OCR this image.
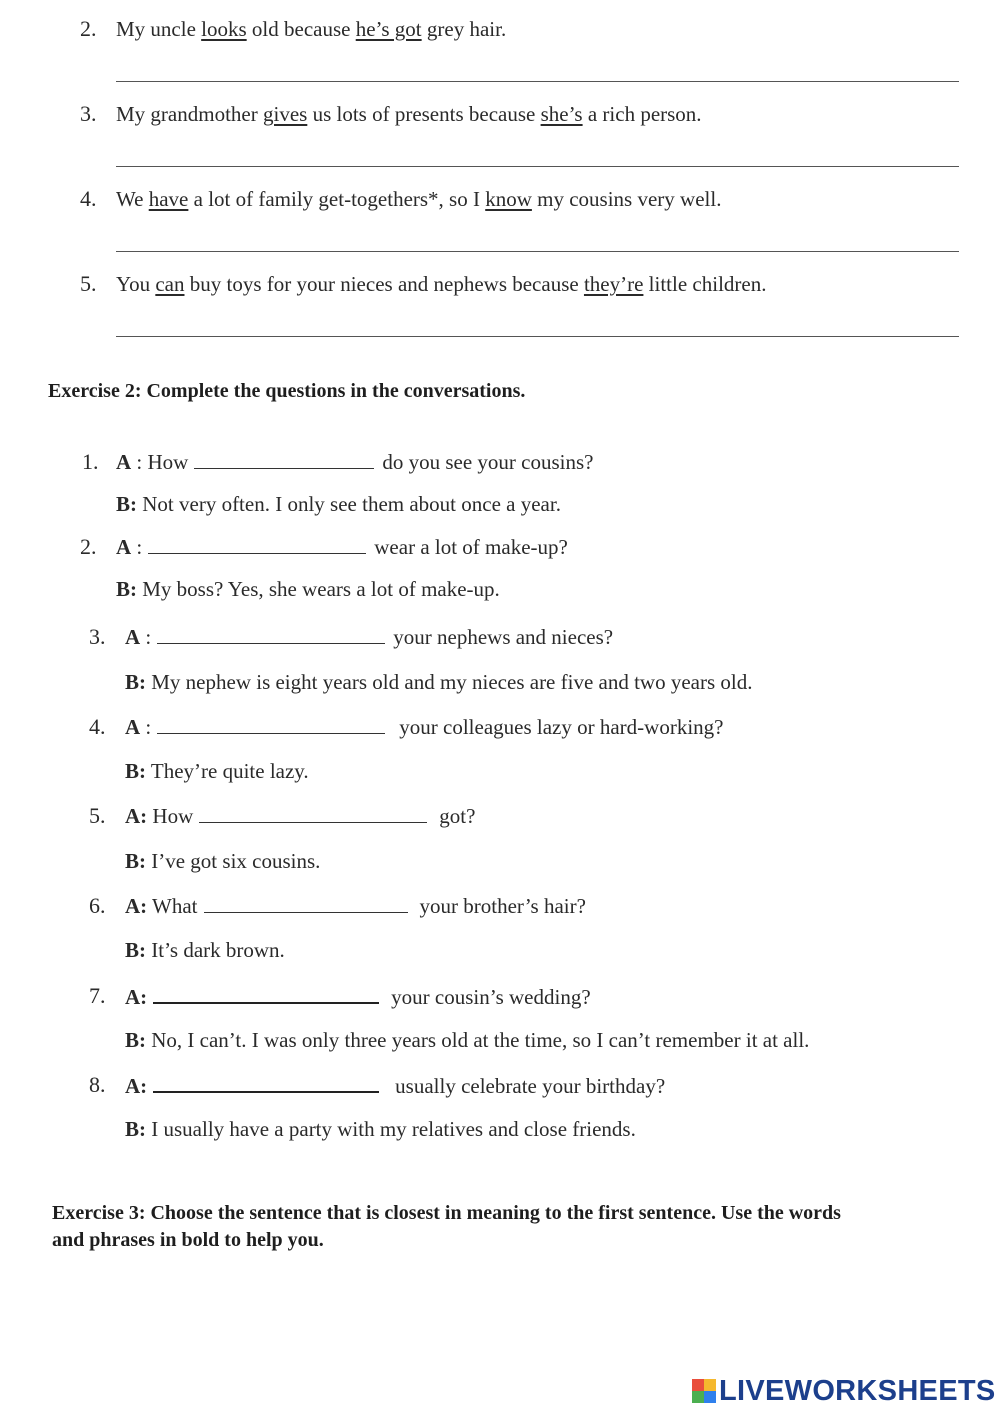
2. My uncle looks old because he’s got grey hair.
3. My grandmother gives us lots of presents because she’s a rich person.
4. We have a lot of family get-togethers*, so I know my cousins very well.
5. You can buy toys for your nieces and nephews because they’re little children.
Exercise 2: Complete the questions in the conversations.
1. A : How	do you see your cousins?
B: Not very often. I only see them about once a year.
2. A :	wear a lot of make-up?
B: My boss? Yes, she wears a lot of make-up.
3. A :	your nephews and nieces?
B: My nephew is eight years old and my nieces are five and two years old.
4. A :	your colleagues lazy or hard-working?
B: They’re quite lazy.
5. A: How	got?
B: I’ve got six cousins.
6. A: What	your brother’s hair?
B: It’s dark brown.
7. A:	your cousin’s wedding?
B: No, I can’t. I was only three years old at the time, so I can’t remember it at all.
8. A:	usually celebrate your birthday?
B: I usually have a party with my relatives and close friends.
Exercise 3: Choose the sentence that is closest in meaning to the first sentence. Use the words
and phrases in bold to help you.
LIVEWORKSHEETS
